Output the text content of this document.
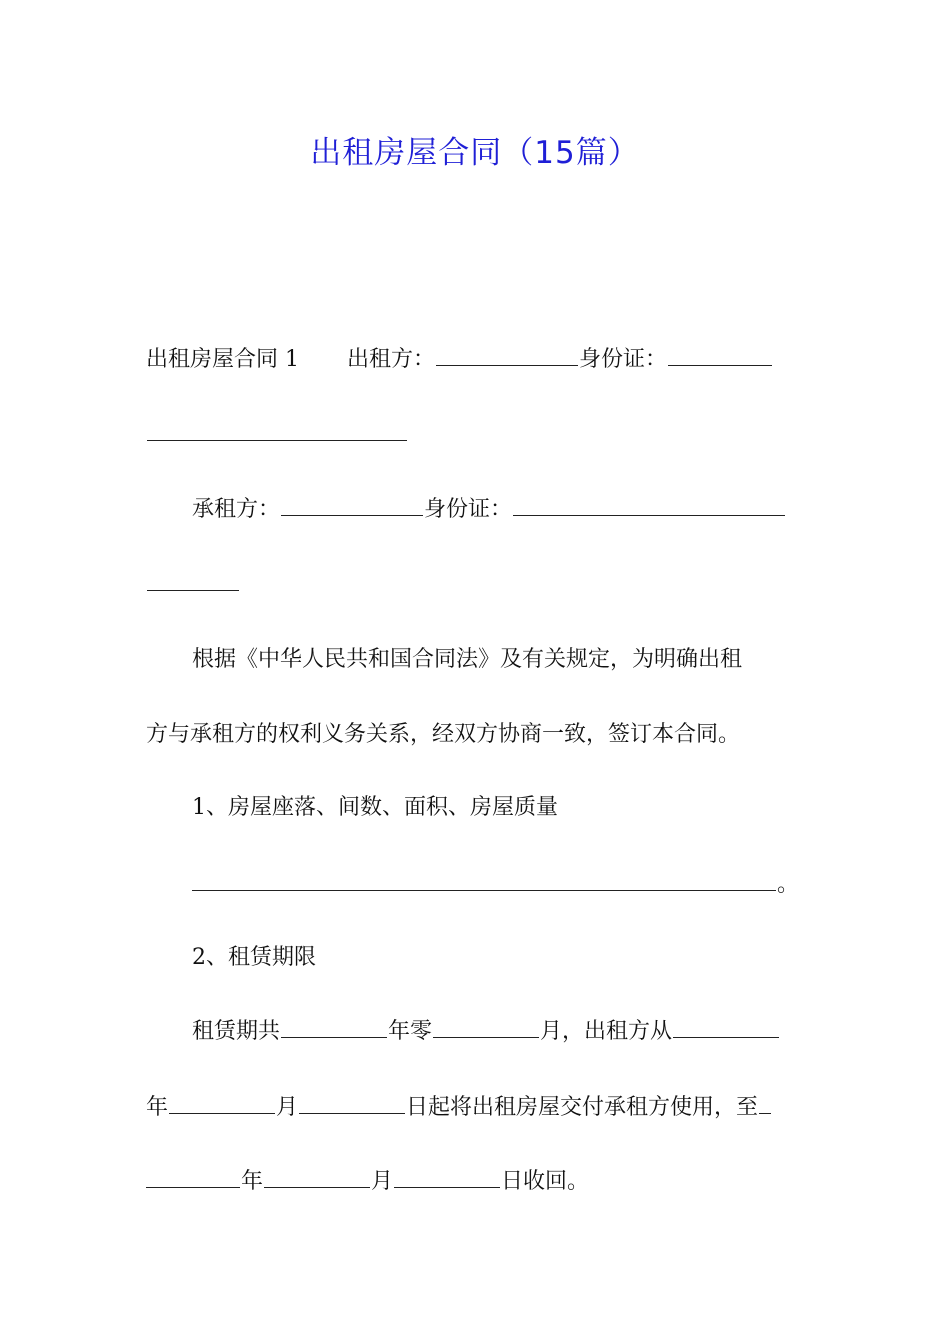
出租房屋合同（15篇）
出租房屋合同 1 出租方：	身份证：
承租方：	身份证：
根据《中华人民共和国合同法》及有关规定，为明确出租
方与承租方的权利义务关系，经双方协商一致，签订本合同。
1、房屋座落、间数、面积、房屋质量
。
2、租赁期限
租赁期共	年零	月，出租方从
年	月	日起将出租房屋交付承租方使用，至
年	月	日收回。
